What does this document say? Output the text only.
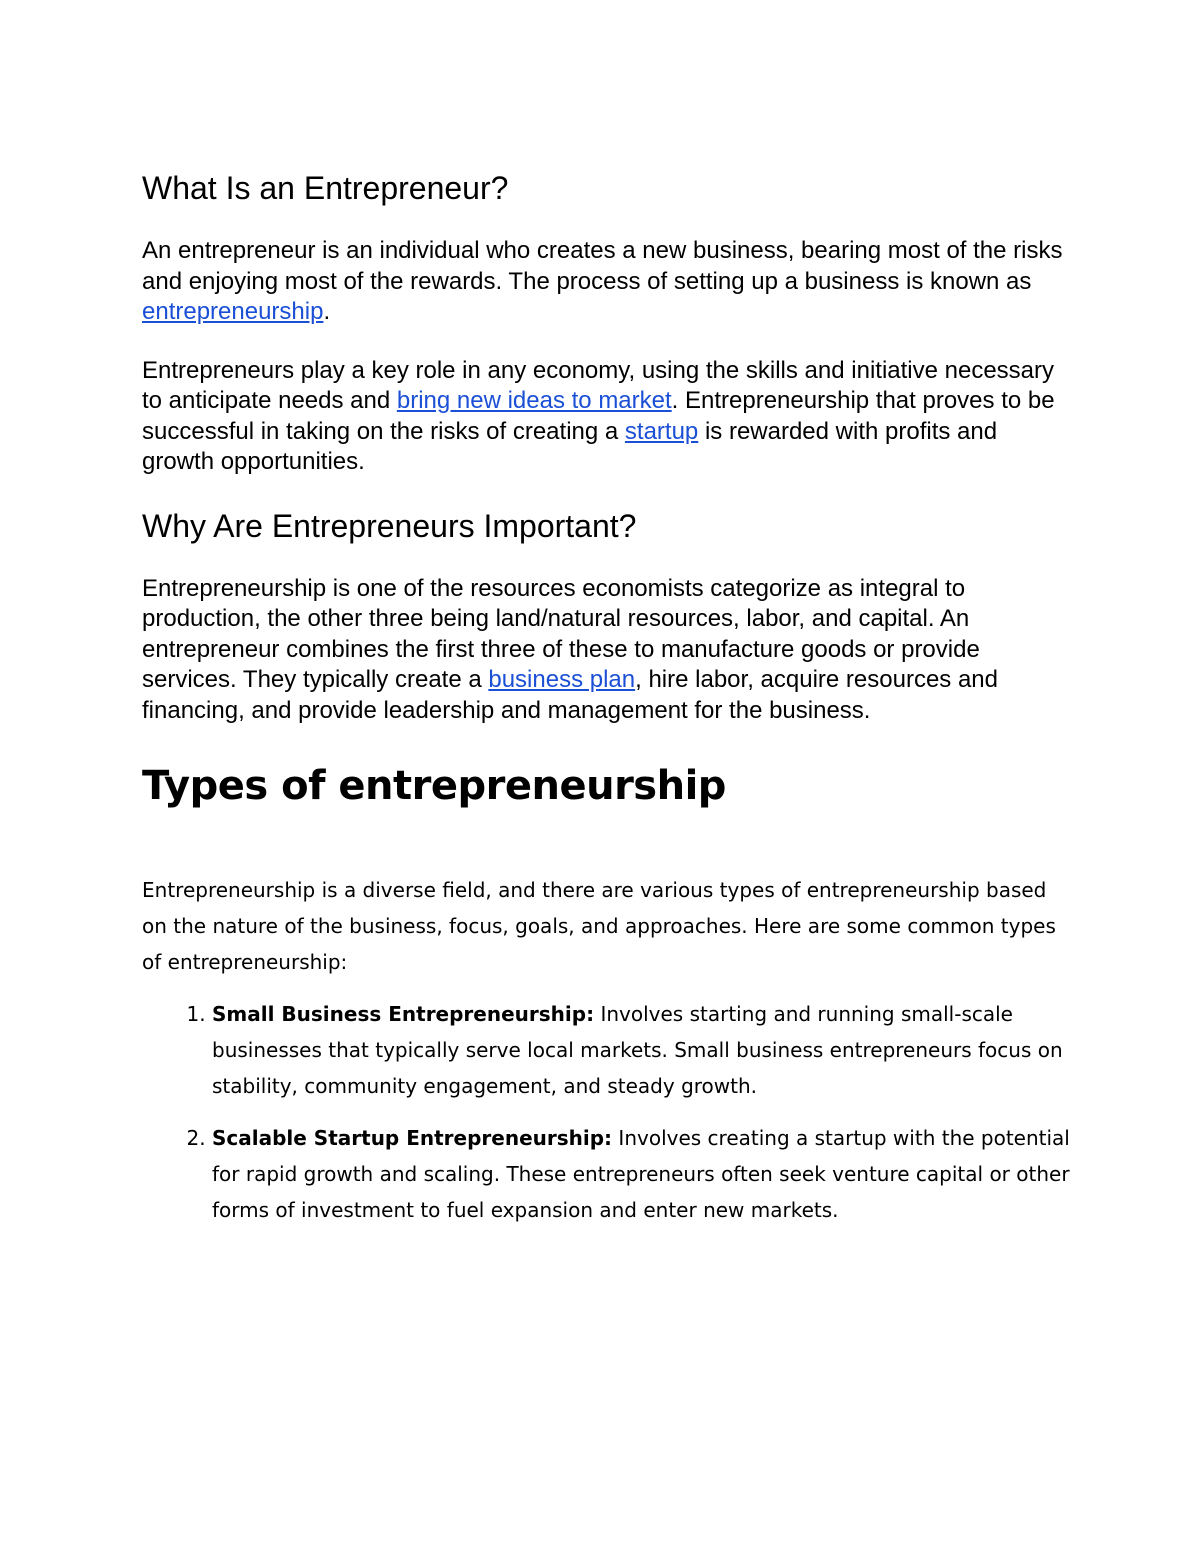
What Is an Entrepreneur?

An entrepreneur is an individual who creates a new business, bearing most of the risks and enjoying most of the rewards. The process of setting up a business is known as entrepreneurship.

Entrepreneurs play a key role in any economy, using the skills and initiative necessary to anticipate needs and bring new ideas to market. Entrepreneurship that proves to be successful in taking on the risks of creating a startup is rewarded with profits and growth opportunities.

Why Are Entrepreneurs Important?

Entrepreneurship is one of the resources economists categorize as integral to production, the other three being land/natural resources, labor, and capital. An entrepreneur combines the first three of these to manufacture goods or provide services. They typically create a business plan, hire labor, acquire resources and financing, and provide leadership and management for the business.

Types of entrepreneurship

Entrepreneurship is a diverse field, and there are various types of entrepreneurship based on the nature of the business, focus, goals, and approaches. Here are some common types of entrepreneurship:

1. Small Business Entrepreneurship: Involves starting and running small-scale businesses that typically serve local markets. Small business entrepreneurs focus on stability, community engagement, and steady growth.
2. Scalable Startup Entrepreneurship: Involves creating a startup with the potential for rapid growth and scaling. These entrepreneurs often seek venture capital or other forms of investment to fuel expansion and enter new markets.
